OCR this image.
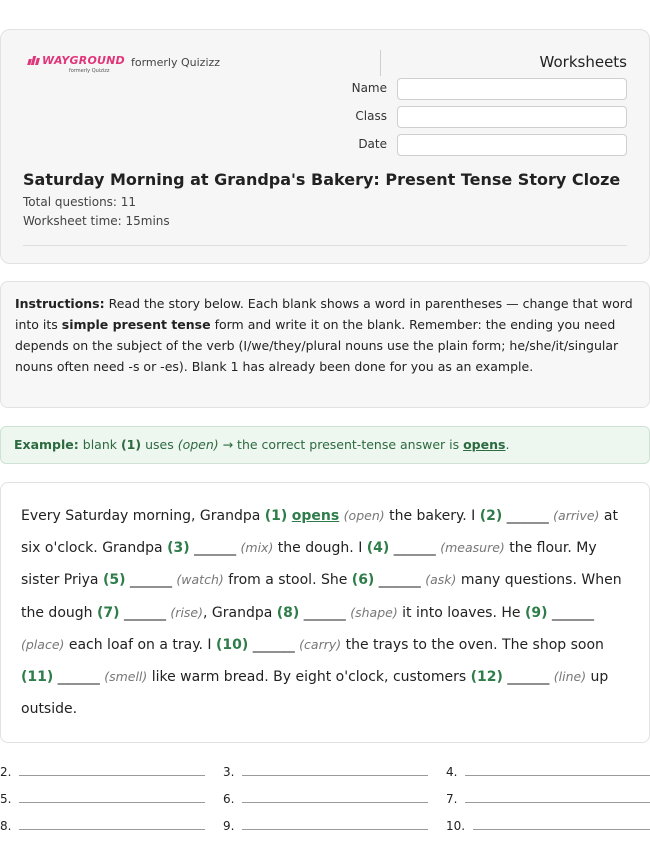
WAYGROUND
formerly Quizizz
formerly Quizizz	Worksheets
Name
Class
Date
Saturday Morning at Grandpa's Bakery: Present Tense Story Cloze
Total questions: 11
Worksheet time: 15mins
Instructions: Read the story below. Each blank shows a word in parentheses — change that word into its simple present tense form and write it on the blank. Remember: the ending you need depends on the subject of the verb (I/we/they/plural nouns use the plain form; he/she/it/singular nouns often need -s or -es). Blank 1 has already been done for you as an example.
Example: blank (1) uses (open) → the correct present-tense answer is opens.
Every Saturday morning, Grandpa (1) opens (open) the bakery. I (2) ______ (arrive) at six o'clock. Grandpa (3) ______ (mix) the dough. I (4) ______ (measure) the flour. My sister Priya (5) ______ (watch) from a stool. She (6) ______ (ask) many questions. When the dough (7) ______ (rise), Grandpa (8) ______ (shape) it into loaves. He (9) ______ (place) each loaf on a tray. I (10) ______ (carry) the trays to the oven. The shop soon (11) ______ (smell) like warm bread. By eight o'clock, customers (12) ______ (line) up outside.
2.	3.	4.
5.	6.	7.
8.	9.	10.
